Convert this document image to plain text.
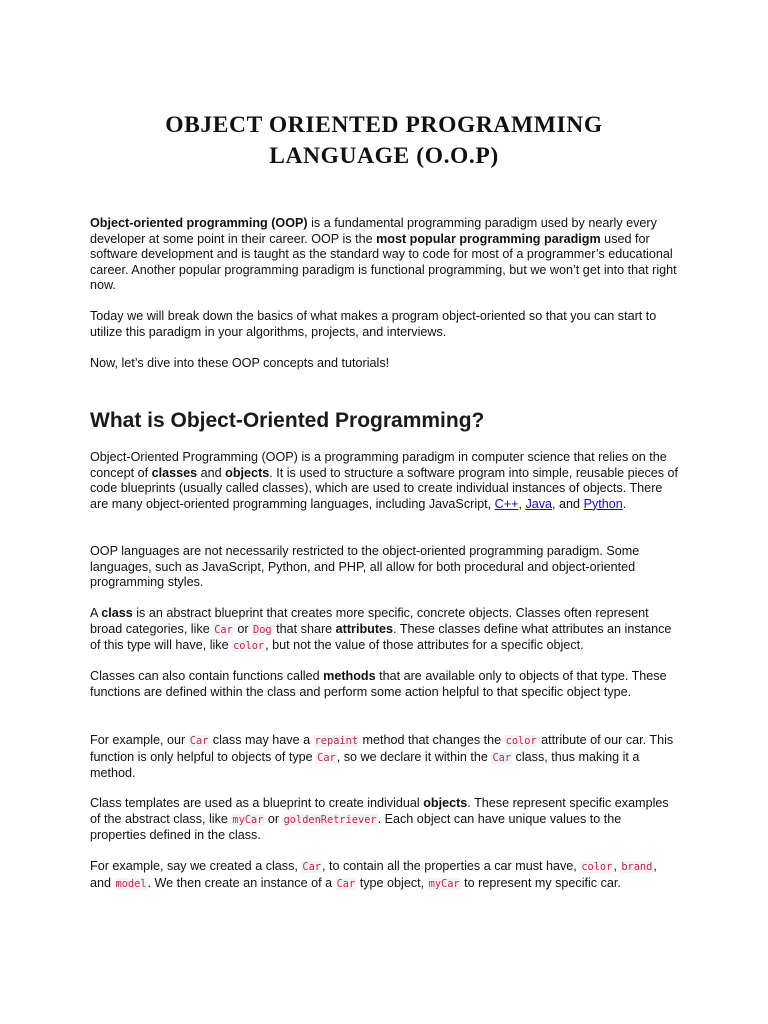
OBJECT ORIENTED PROGRAMMING
LANGUAGE (O.O.P)

Object-oriented programming (OOP) is a fundamental programming paradigm used by nearly every developer at some point in their career. OOP is the most popular programming paradigm used for software development and is taught as the standard way to code for most of a programmer’s educational career. Another popular programming paradigm is functional programming, but we won’t get into that right now.

Today we will break down the basics of what makes a program object-oriented so that you can start to utilize this paradigm in your algorithms, projects, and interviews.

Now, let’s dive into these OOP concepts and tutorials!

What is Object-Oriented Programming?

Object-Oriented Programming (OOP) is a programming paradigm in computer science that relies on the concept of classes and objects. It is used to structure a software program into simple, reusable pieces of code blueprints (usually called classes), which are used to create individual instances of objects. There are many object-oriented programming languages, including JavaScript, C++, Java, and Python.

OOP languages are not necessarily restricted to the object-oriented programming paradigm. Some languages, such as JavaScript, Python, and PHP, all allow for both procedural and object-oriented programming styles.

A class is an abstract blueprint that creates more specific, concrete objects. Classes often represent broad categories, like Car or Dog that share attributes. These classes define what attributes an instance of this type will have, like color, but not the value of those attributes for a specific object.

Classes can also contain functions called methods that are available only to objects of that type. These functions are defined within the class and perform some action helpful to that specific object type.

For example, our Car class may have a repaint method that changes the color attribute of our car. This function is only helpful to objects of type Car, so we declare it within the Car class, thus making it a method.

Class templates are used as a blueprint to create individual objects. These represent specific examples of the abstract class, like myCar or goldenRetriever. Each object can have unique values to the properties defined in the class.

For example, say we created a class, Car, to contain all the properties a car must have, color, brand, and model. We then create an instance of a Car type object, myCar to represent my specific car.
